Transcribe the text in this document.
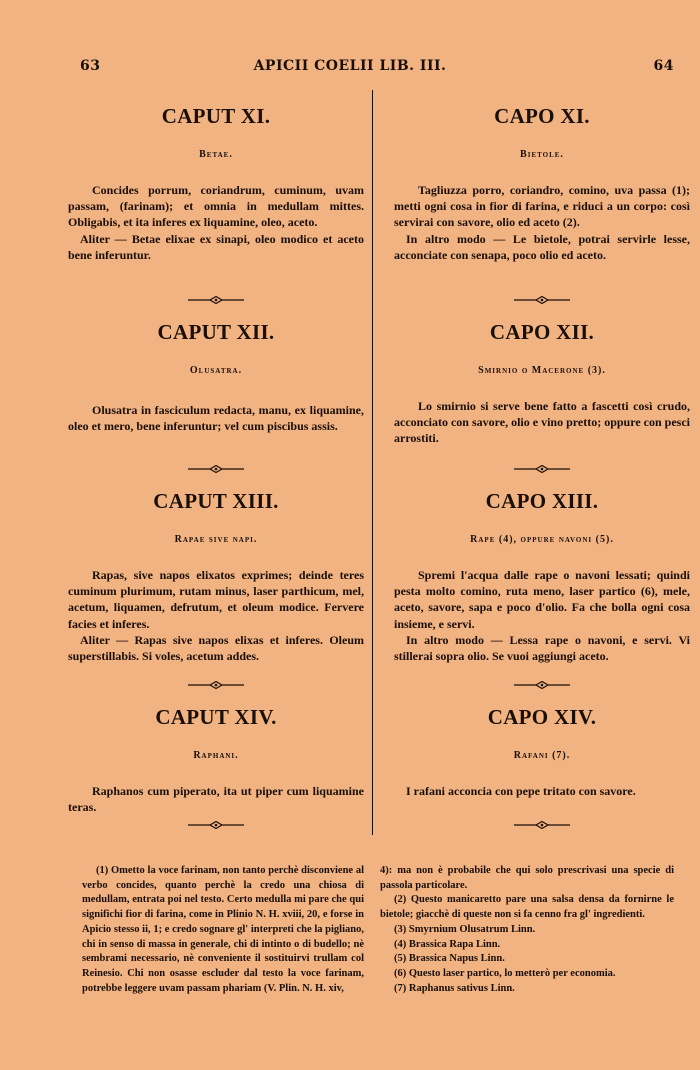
63	APICII COELII LIB. III.	64
CAPUT XI.
Betae.

Concides porrum, coriandrum, cuminum, uvam passam, (farinam); et omnia in medullam mittes. Obligabis, et ita inferes ex liquamine, oleo, aceto.

Aliter — Betae elixae ex sinapi, oleo modico et aceto bene inferuntur.

CAPUT XII.
Olusatra.

Olusatra in fasciculum redacta, manu, ex liquamine, oleo et mero, bene inferuntur; vel cum piscibus assis.

CAPUT XIII.
Rapae sive napi.

Rapas, sive napos elixatos exprimes; deinde teres cuminum plurimum, rutam minus, laser parthicum, mel, acetum, liquamen, defrutum, et oleum modice. Fervere facies et inferes.

Aliter — Rapas sive napos elixas et inferes. Oleum superstillabis. Si voles, acetum addes.

CAPUT XIV.
Raphani.

Raphanos cum piperato, ita ut piper cum liquamine teras.

CAPO XI.
Bietole.

Tagliuzza porro, coriandro, comino, uva passa (1); metti ogni cosa in fior di farina, e riduci a un corpo: così servirai con savore, olio ed aceto (2).

In altro modo — Le bietole, potrai servirle lesse, acconciate con senapa, poco olio ed aceto.

CAPO XII.
Smirnio o Macerone (3).

Lo smirnio si serve bene fatto a fascetti così crudo, acconciato con savore, olio e vino pretto; oppure con pesci arrostiti.

CAPO XIII.
Rape (4), oppure navoni (5).

Spremi l'acqua dalle rape o navoni lessati; quindi pesta molto comino, ruta meno, laser partico (6), mele, aceto, savore, sapa e poco d'olio. Fa che bolla ogni cosa insieme, e servi.

In altro modo — Lessa rape o navoni, e servi. Vi stillerai sopra olio. Se vuoi aggiungi aceto.

CAPO XIV.
Rafani (7).

I rafani acconcia con pepe tritato con savore.

(1) Ometto la voce farinam, non tanto perchè disconviene al verbo concides, quanto perchè la credo una chiosa di medullam, entrata poi nel testo. Certo medulla mi pare che qui significhi fior di farina, come in Plinio N. H. xviii, 20, e forse in Apicio stesso ii, 1; e credo sognare gl' interpreti che la pigliano, chi in senso di massa in generale, chi di intinto o di budello; nè sembrami necessario, nè conveniente il sostituirvi trullam col Reinesio. Chi non osasse escluder dal testo la voce farinam, potrebbe leggere uvam passam phariam (V. Plin. N. H. xiv,

4): ma non è probabile che qui solo prescrivasi una specie di passola particolare.

(2) Questo manicaretto pare una salsa densa da fornirne le bietole; giacchè di queste non si fa cenno fra gl' ingredienti.

(3) Smyrnium Olusatrum Linn.

(4) Brassica Rapa Linn.

(5) Brassica Napus Linn.

(6) Questo laser partico, lo metterò per economia.

(7) Raphanus sativus Linn.
